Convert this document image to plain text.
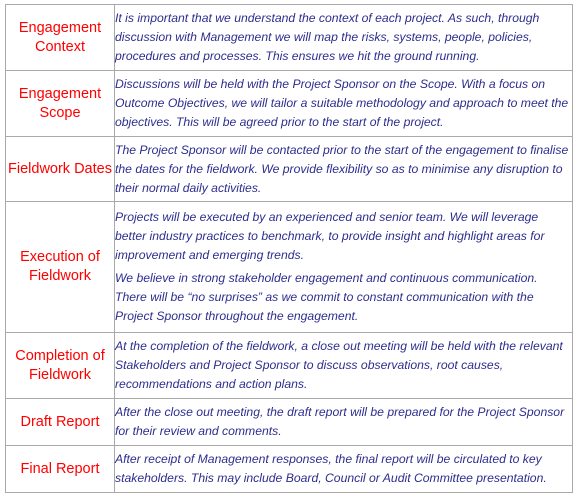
Engagement Context	It is important that we understand the context of each project. As such, through discussion with Management we will map the risks, systems, people, policies, procedures and processes. This ensures we hit the ground running.

Engagement Scope	Discussions will be held with the Project Sponsor on the Scope. With a focus on Outcome Objectives, we will tailor a suitable methodology and approach to meet the objectives. This will be agreed prior to the start of the project.

Fieldwork Dates	The Project Sponsor will be contacted prior to the start of the engagement to finalise the dates for the fieldwork. We provide flexibility so as to minimise any disruption to their normal daily activities.

Execution of Fieldwork	Projects will be executed by an experienced and senior team. We will leverage better industry practices to benchmark, to provide insight and highlight areas for improvement and emerging trends.

We believe in strong stakeholder engagement and continuous communication. There will be “no surprises” as we commit to constant communication with the Project Sponsor throughout the engagement.

Completion of Fieldwork	At the completion of the fieldwork, a close out meeting will be held with the relevant Stakeholders and Project Sponsor to discuss observations, root causes, recommendations and action plans.

Draft Report	After the close out meeting, the draft report will be prepared for the Project Sponsor for their review and comments.

Final Report	After receipt of Management responses, the final report will be circulated to key stakeholders. This may include Board, Council or Audit Committee presentation.
